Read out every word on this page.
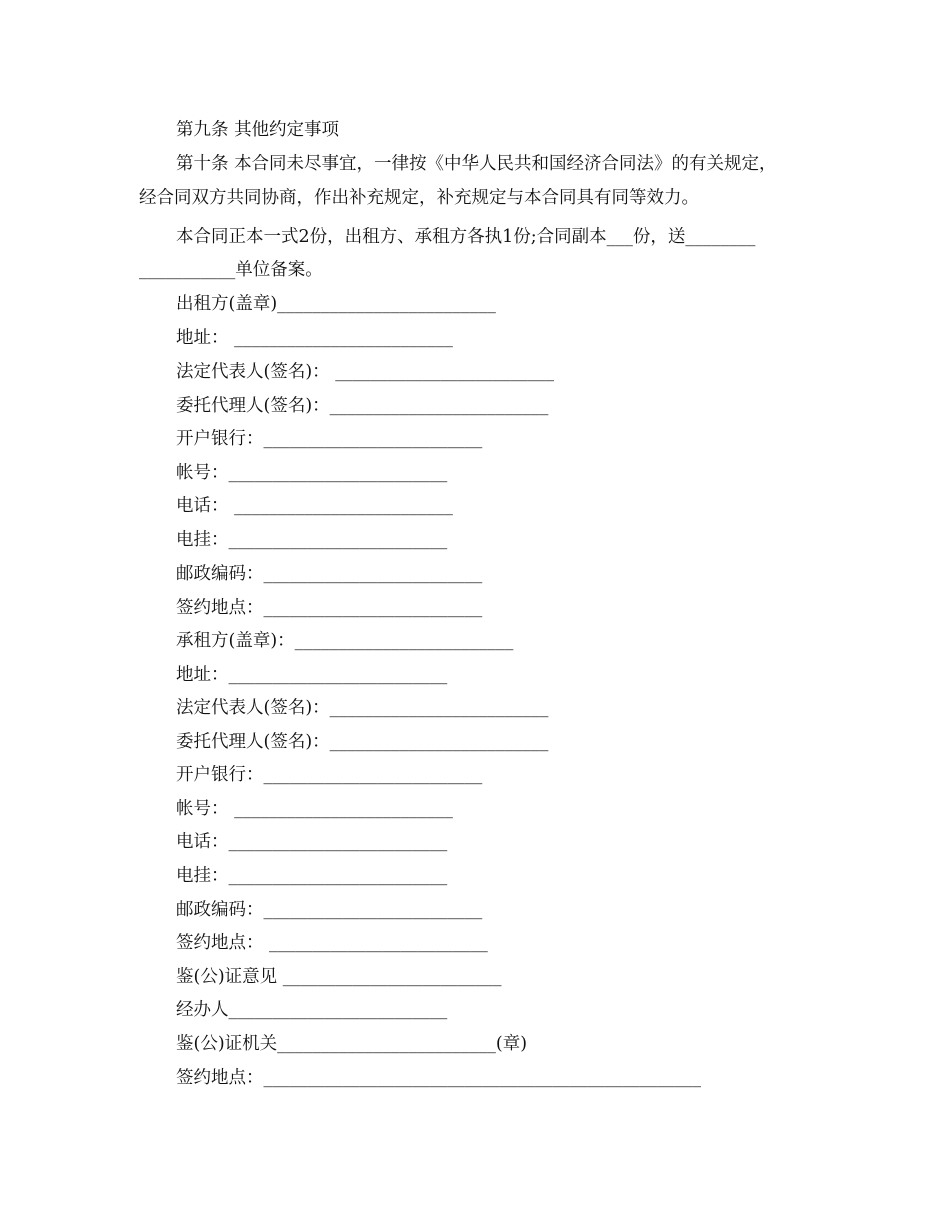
第九条 其他约定事项
第十条 本合同未尽事宜，一律按《中华人民共和国经济合同法》的有关规定，
经合同双方共同协商，作出补充规定，补充规定与本合同具有同等效力。
本合同正本一式2份，出租方、承租方各执1份;合同副本___份，送________
___________单位备案。
出租方(盖章)_________________________
地址： _________________________
法定代表人(签名)： _________________________
委托代理人(签名)：_________________________
开户银行：_________________________
帐号：_________________________
电话： _________________________
电挂：_________________________
邮政编码：_________________________
签约地点：_________________________
承租方(盖章)：_________________________
地址：_________________________
法定代表人(签名)：_________________________
委托代理人(签名)：_________________________
开户银行：_________________________
帐号： _________________________
电话：_________________________
电挂：_________________________
邮政编码：_________________________
签约地点： _________________________
鉴(公)证意见 _________________________
经办人_________________________
鉴(公)证机关_________________________(章)
签约地点：__________________________________________________
